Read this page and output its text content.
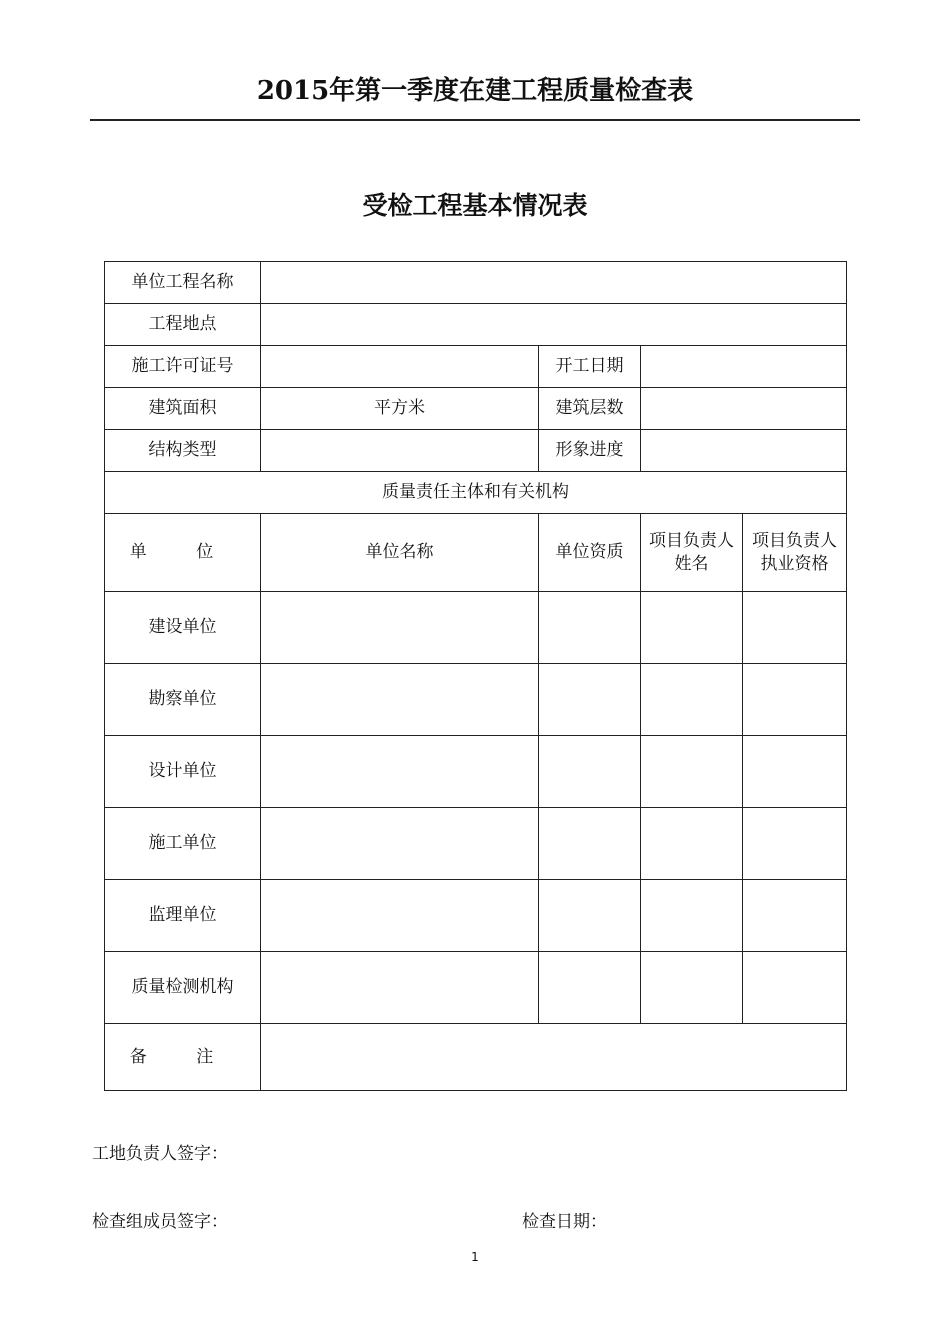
2015年第一季度在建工程质量检查表
受检工程基本情况表
单位工程名称				
工程地点				
施工许可证号		开工日期		
建筑面积	平方米	建筑层数		
结构类型		形象进度		
质量责任主体和有关机构				
单 位	单位名称	单位资质	项目负责人姓名	项目负责人执业资格
建设单位				
勘察单位				
设计单位				
施工单位				
监理单位				
质量检测机构				
备 注				
工地负责人签字：
检查组成员签字：	检查日期：
1
